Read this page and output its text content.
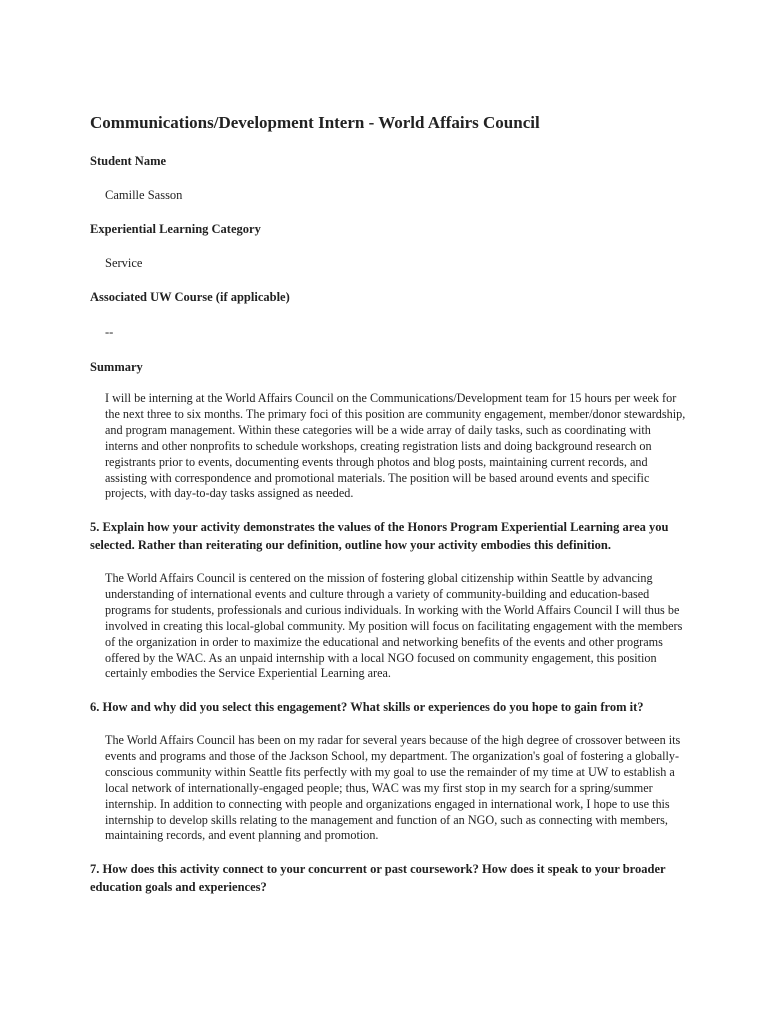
Communications/Development Intern - World Affairs Council

Student Name

Camille Sasson

Experiential Learning Category

Service

Associated UW Course (if applicable)

--

Summary

I will be interning at the World Affairs Council on the Communications/Development team for 15 hours per week for the next three to six months. The primary foci of this position are community engagement, member/donor stewardship, and program management. Within these categories will be a wide array of daily tasks, such as coordinating with interns and other nonprofits to schedule workshops, creating registration lists and doing background research on registrants prior to events, documenting events through photos and blog posts, maintaining current records, and assisting with correspondence and promotional materials. The position will be based around events and specific projects, with day-to-day tasks assigned as needed.

5. Explain how your activity demonstrates the values of the Honors Program Experiential Learning area you selected. Rather than reiterating our definition, outline how your activity embodies this definition.

The World Affairs Council is centered on the mission of fostering global citizenship within Seattle by advancing understanding of international events and culture through a variety of community-building and education-based programs for students, professionals and curious individuals. In working with the World Affairs Council I will thus be involved in creating this local-global community. My position will focus on facilitating engagement with the members of the organization in order to maximize the educational and networking benefits of the events and other programs offered by the WAC. As an unpaid internship with a local NGO focused on community engagement, this position certainly embodies the Service Experiential Learning area.

6. How and why did you select this engagement? What skills or experiences do you hope to gain from it?

The World Affairs Council has been on my radar for several years because of the high degree of crossover between its events and programs and those of the Jackson School, my department. The organization's goal of fostering a globally-conscious community within Seattle fits perfectly with my goal to use the remainder of my time at UW to establish a local network of internationally-engaged people; thus, WAC was my first stop in my search for a spring/summer internship. In addition to connecting with people and organizations engaged in international work, I hope to use this internship to develop skills relating to the management and function of an NGO, such as connecting with members, maintaining records, and event planning and promotion.

7. How does this activity connect to your concurrent or past coursework? How does it speak to your broader education goals and experiences?
